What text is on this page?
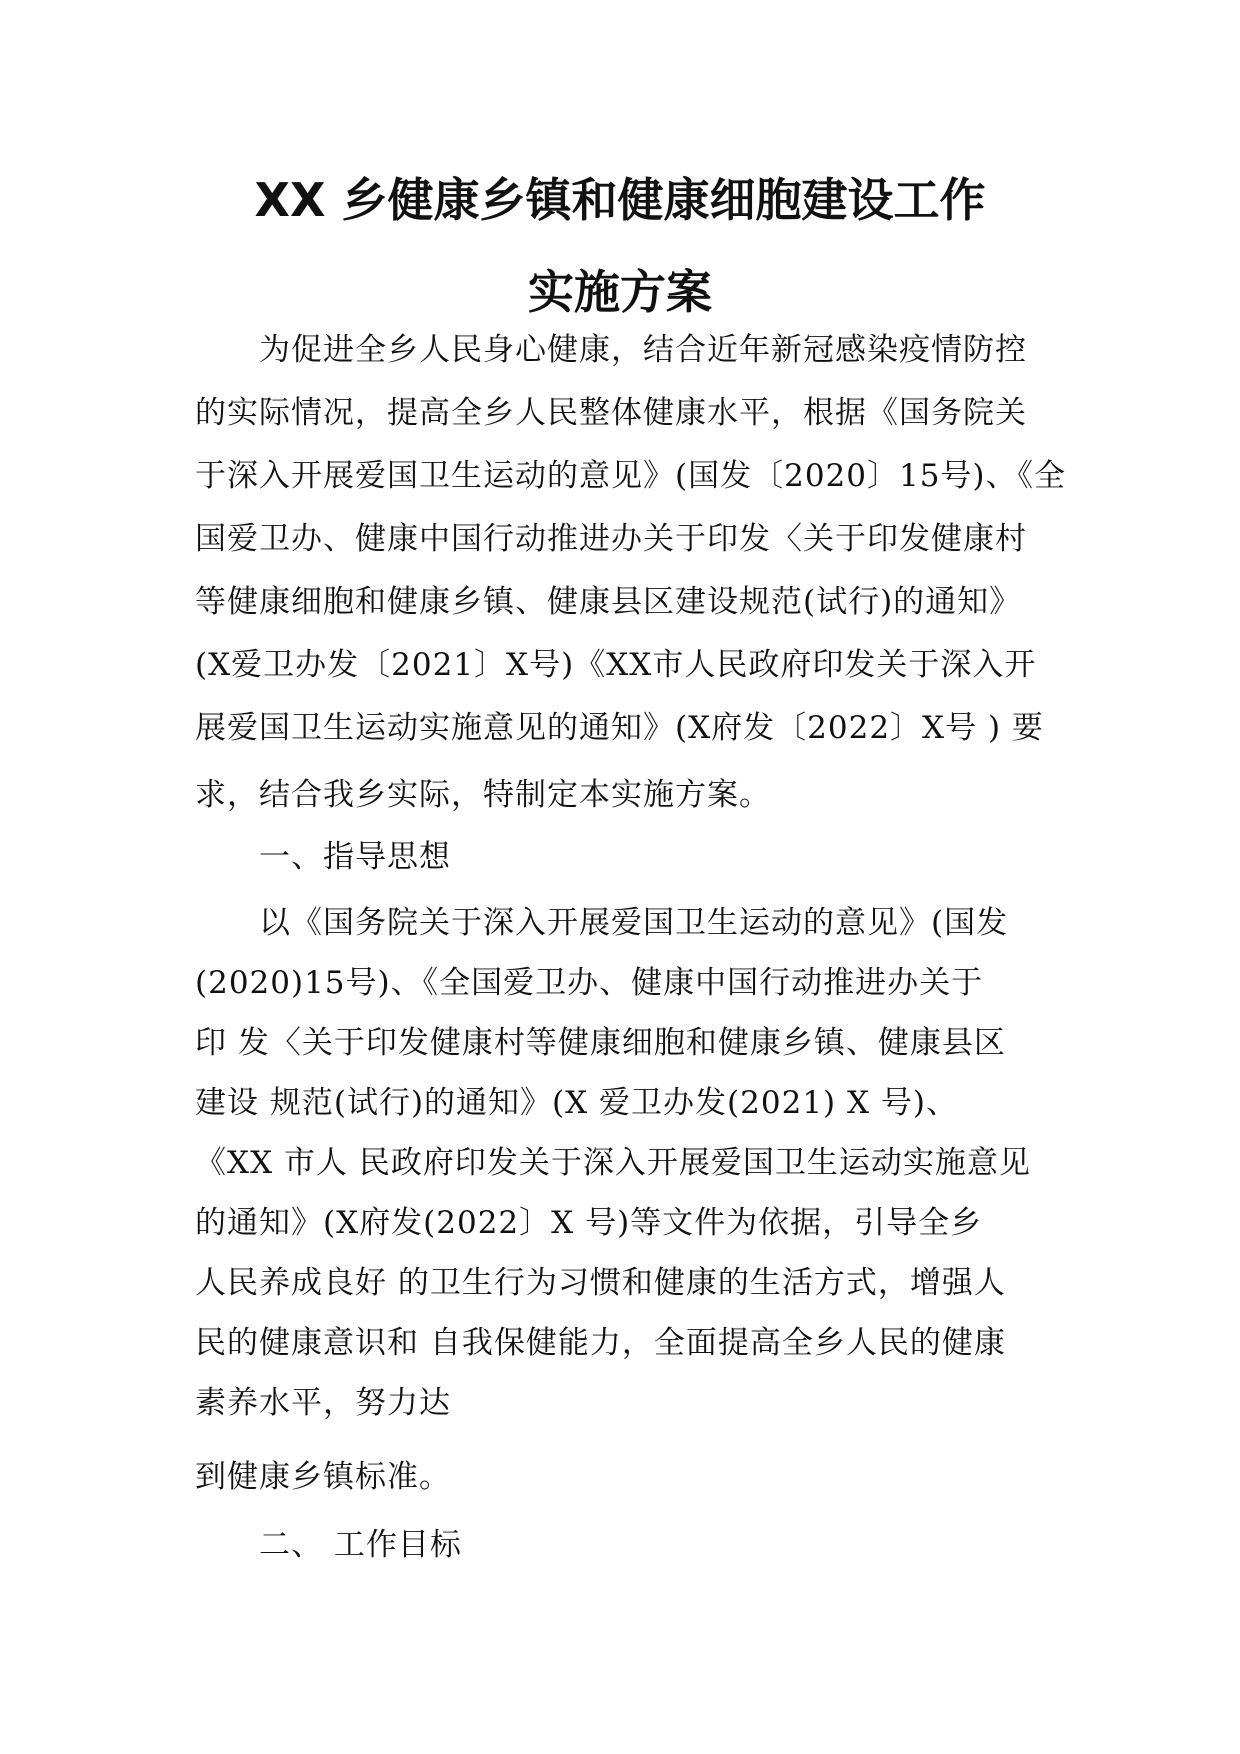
XX 乡健康乡镇和健康细胞建设工作
实施方案
　　为促进全乡人民身心健康，结合近年新冠感染疫情防控
的实际情况，提高全乡人民整体健康水平，根据《国务院关
于深入开展爱国卫生运动的意见》(国发〔2020〕15号)、《全
国爱卫办、健康中国行动推进办关于印发〈关于印发健康村
等健康细胞和健康乡镇、健康县区建设规范(试行)的通知》
(X爱卫办发〔2021〕X号)《XX市人民政府印发关于深入开
展爱国卫生运动实施意见的通知》(X府发〔2022〕X号 ) 要
求，结合我乡实际，特制定本实施方案。
　　一、指导思想
　　以《国务院关于深入开展爱国卫生运动的意见》(国发
(2020)15号)、《全国爱卫办、健康中国行动推进办关于
印 发〈关于印发健康村等健康细胞和健康乡镇、健康县区
建设 规范(试行)的通知》(X 爱卫办发(2021) X 号)、
《XX 市人 民政府印发关于深入开展爱国卫生运动实施意见
的通知》(X府发(2022〕X 号)等文件为依据，引导全乡
人民养成良好 的卫生行为习惯和健康的生活方式，增强人
民的健康意识和 自我保健能力，全面提高全乡人民的健康
素养水平，努力达
到健康乡镇标准。
　　二、 工作目标
